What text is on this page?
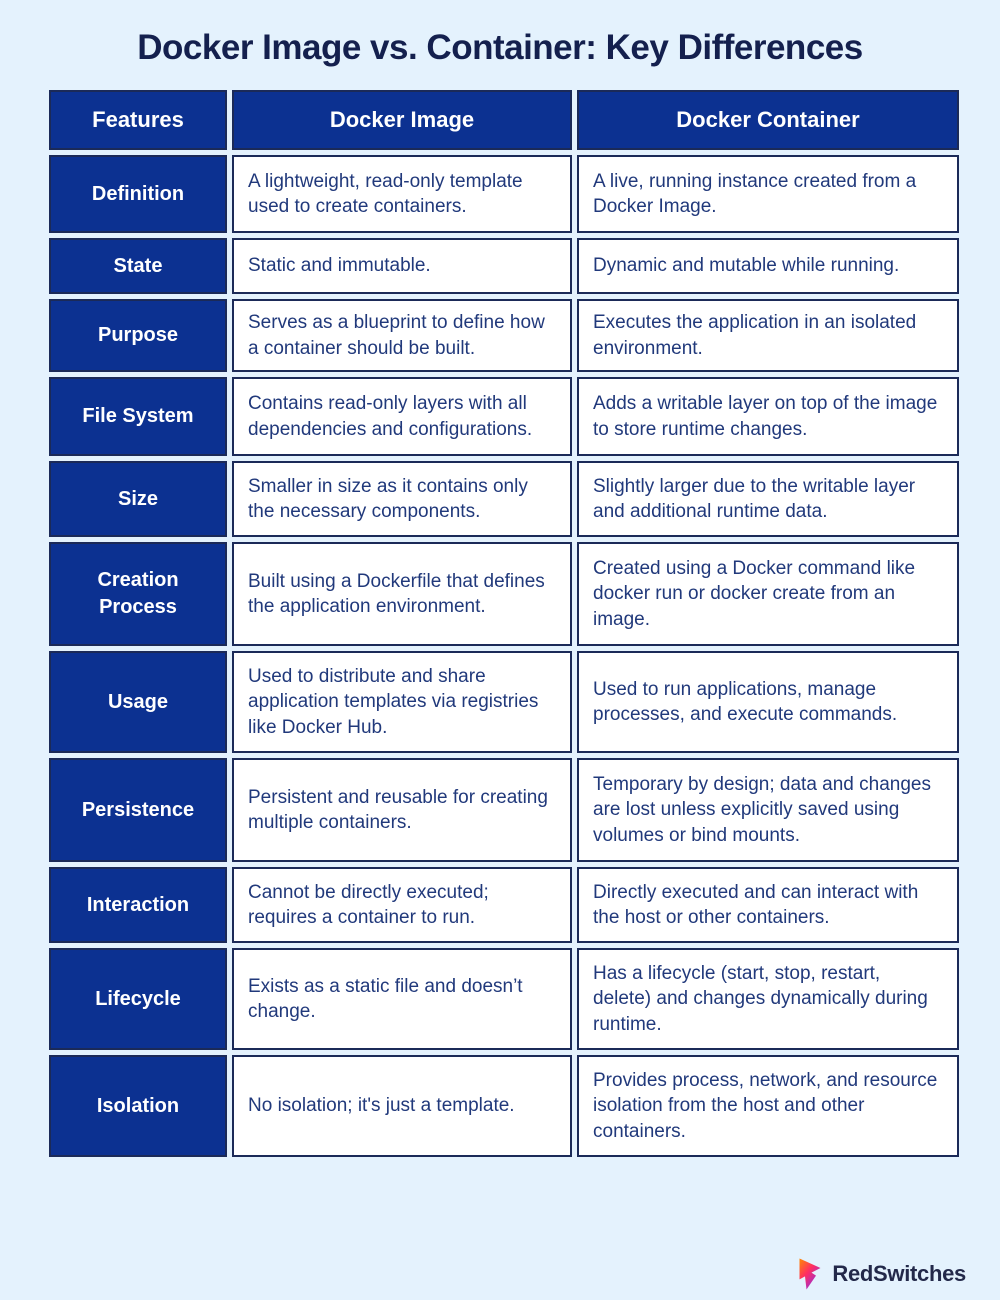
Docker Image vs. Container: Key Differences
Features	Docker Image	Docker Container
Definition	A lightweight, read-only template used to create containers.	A live, running instance created from a Docker Image.
State	Static and immutable.	Dynamic and mutable while running.
Purpose	Serves as a blueprint to define how a container should be built.	Executes the application in an isolated environment.
File System	Contains read-only layers with all dependencies and configurations.	Adds a writable layer on top of the image to store runtime changes.
Size	Smaller in size as it contains only the necessary components.	Slightly larger due to the writable layer and additional runtime data.
Creation Process	Built using a Dockerfile that defines the application environment.	Created using a Docker command like docker run or docker create from an image.
Usage	Used to distribute and share application templates via registries like Docker Hub.	Used to run applications, manage processes, and execute commands.
Persistence	Persistent and reusable for creating multiple containers.	Temporary by design; data and changes are lost unless explicitly saved using volumes or bind mounts.
Interaction	Cannot be directly executed; requires a container to run.	Directly executed and can interact with the host or other containers.
Lifecycle	Exists as a static file and doesn’t change.	Has a lifecycle (start, stop, restart, delete) and changes dynamically during runtime.
Isolation	No isolation; it's just a template.	Provides process, network, and resource isolation from the host and other containers.
RedSwitches
